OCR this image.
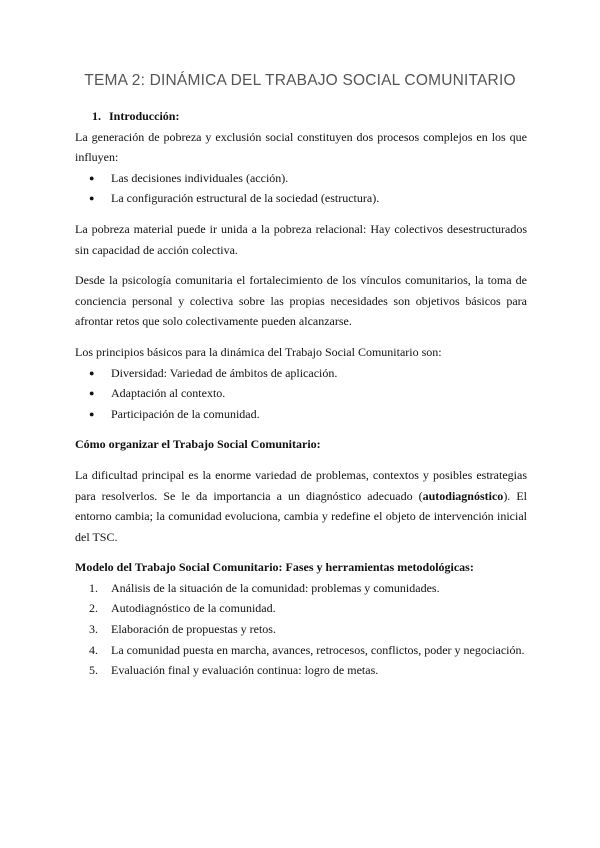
TEMA 2: DINÁMICA DEL TRABAJO SOCIAL COMUNITARIO
1. Introducción:

La generación de pobreza y exclusión social constituyen dos procesos complejos en los que influyen:

●	Las decisiones individuales (acción).
●	La configuración estructural de la sociedad (estructura).

La pobreza material puede ir unida a la pobreza relacional: Hay colectivos desestructurados sin capacidad de acción colectiva.

Desde la psicología comunitaria el fortalecimiento de los vínculos comunitarios, la toma de conciencia personal y colectiva sobre las propias necesidades son objetivos básicos para afrontar retos que solo colectivamente pueden alcanzarse.

Los principios básicos para la dinámica del Trabajo Social Comunitario son:

●	Diversidad: Variedad de ámbitos de aplicación.
●	Adaptación al contexto.
●	Participación de la comunidad.

Cómo organizar el Trabajo Social Comunitario:

La dificultad principal es la enorme variedad de problemas, contextos y posibles estrategias para resolverlos. Se le da importancia a un diagnóstico adecuado (autodiagnóstico). El entorno cambia; la comunidad evoluciona, cambia y redefine el objeto de intervención inicial del TSC.

Modelo del Trabajo Social Comunitario: Fases y herramientas metodológicas:

1.	Análisis de la situación de la comunidad: problemas y comunidades.
2.	Autodiagnóstico de la comunidad.
3.	Elaboración de propuestas y retos.
4.	La comunidad puesta en marcha, avances, retrocesos, conflictos, poder y negociación.
5.	Evaluación final y evaluación continua: logro de metas.
